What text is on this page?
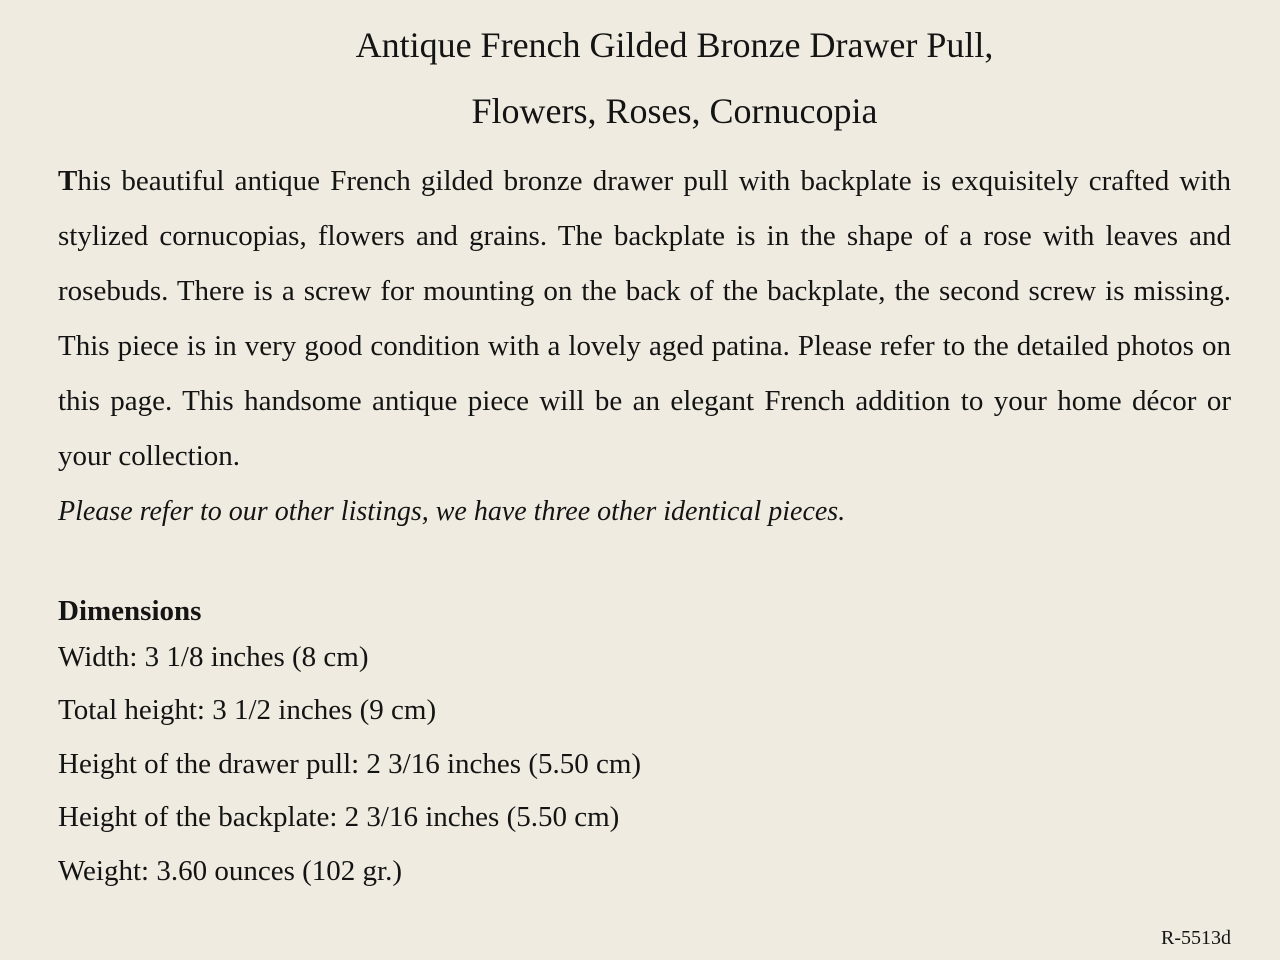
Antique French Gilded Bronze Drawer Pull,
Flowers, Roses, Cornucopia

This beautiful antique French gilded bronze drawer pull with backplate is exquisitely crafted with stylized cornucopias, flowers and grains. The backplate is in the shape of a rose with leaves and rosebuds. There is a screw for mounting on the back of the backplate, the second screw is missing. This piece is in very good condition with a lovely aged patina. Please refer to the detailed photos on this page. This handsome antique piece will be an elegant French addition to your home décor or your collection.

Please refer to our other listings, we have three other identical pieces.

Dimensions
Width: 3 1/8 inches (8 cm)
Total height: 3 1/2 inches (9 cm)
Height of the drawer pull: 2 3/16 inches (5.50 cm)
Height of the backplate: 2 3/16 inches (5.50 cm)
Weight: 3.60 ounces (102 gr.)
R-5513d
